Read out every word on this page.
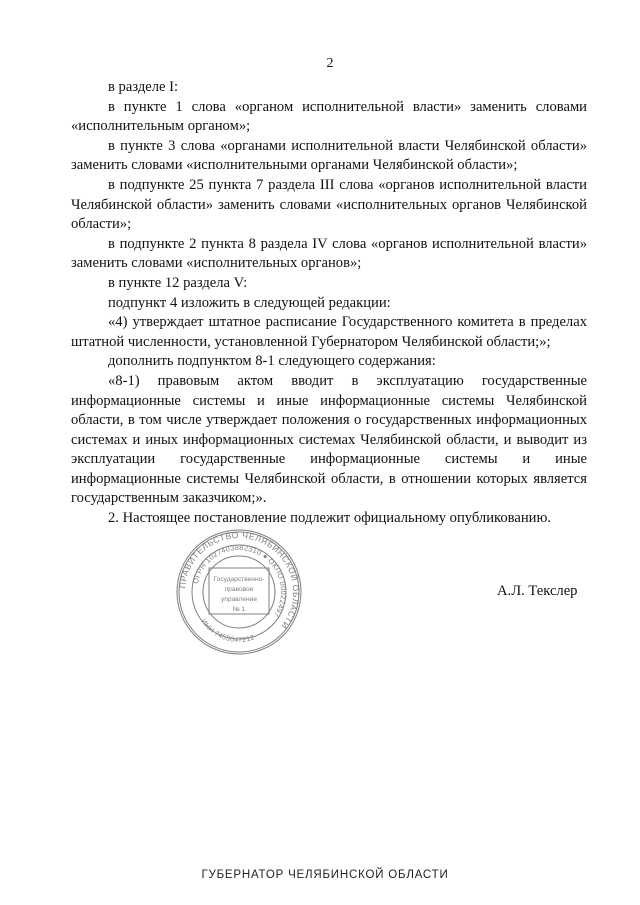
2

в разделе I:

в пункте 1 слова «органом исполнительной власти» заменить словами «исполнительным органом»;

в пункте 3 слова «органами исполнительной власти Челябинской области» заменить словами «исполнительными органами Челябинской области»;

в подпункте 25 пункта 7 раздела III слова «органов исполнительной власти Челябинской области» заменить словами «исполнительных органов Челябинской области»;

в подпункте 2 пункта 8 раздела IV слова «органов исполнительной власти» заменить словами «исполнительных органов»;

в пункте 12 раздела V:

подпункт 4 изложить в следующей редакции:

«4) утверждает штатное расписание Государственного комитета в пределах штатной численности, установленной Губернатором Челябинской области;»;

дополнить подпунктом 8-1 следующего содержания:

«8-1) правовым актом вводит в эксплуатацию государственные информационные системы и иные информационные системы Челябинской области, в том числе утверждает положения о государственных информационных системах и иных информационных системах Челябинской области, и выводит из эксплуатации государственные информационные системы и иные информационные системы Челябинской области, в отношении которых является государственным заказчиком;».

2. Настоящее постановление подлежит официальному опубликованию.

ПРАВИТЕЛЬСТВО ЧЕЛЯБИНСКОЙ ОБЛАСТИ
ОГРН 1027403882310 ● ОКПО 00022497
ИНН 7453047212
Государственно-
правовое
управление
№ 1
А.Л. Текслер
ГУБЕРНАТОР ЧЕЛЯБИНСКОЙ ОБЛАСТИ
